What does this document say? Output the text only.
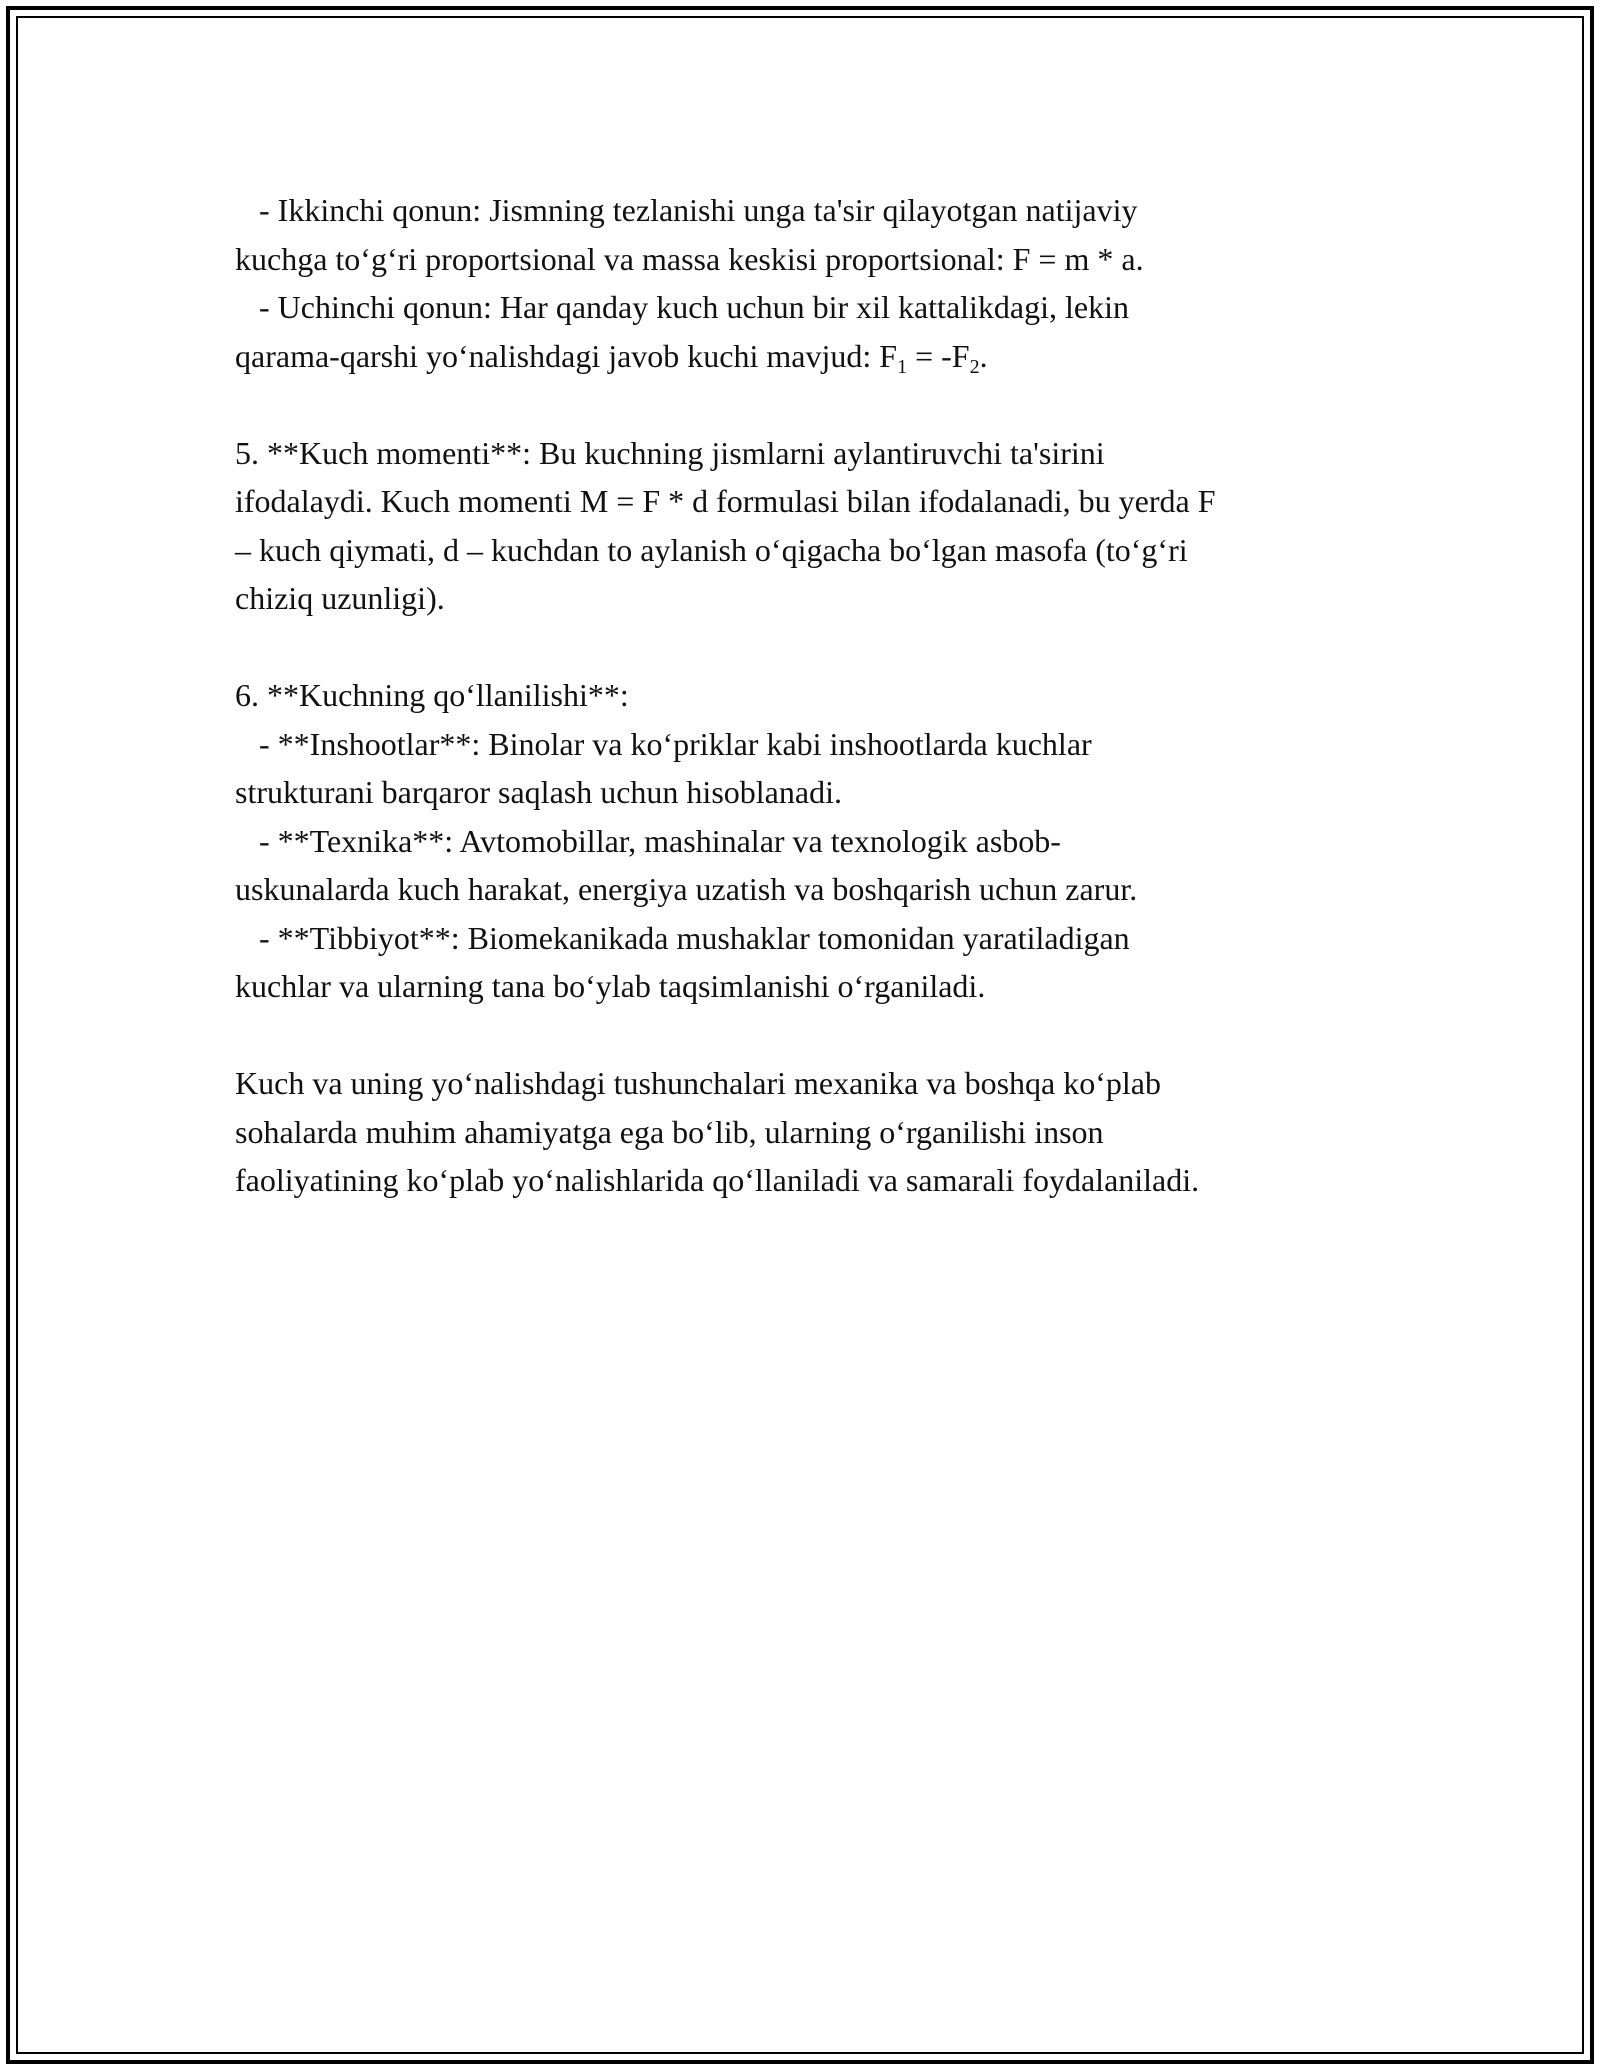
- Ikkinchi qonun: Jismning tezlanishi unga ta'sir qilayotgan natijaviy
kuchga to‘g‘ri proportsional va massa keskisi proportsional: F = m * a.
- Uchinchi qonun: Har qanday kuch uchun bir xil kattalikdagi, lekin
qarama-qarshi yo‘nalishdagi javob kuchi mavjud: $F_1 = -F_2$.

5. **Kuch momenti**: Bu kuchning jismlarni aylantiruvchi ta'sirini
ifodalaydi. Kuch momenti M = F * d formulasi bilan ifodalanadi, bu yerda F
– kuch qiymati, d – kuchdan to aylanish o‘qigacha bo‘lgan masofa (to‘g‘ri
chiziq uzunligi).

6. **Kuchning qo‘llanilishi**:
- **Inshootlar**: Binolar va ko‘priklar kabi inshootlarda kuchlar
strukturani barqaror saqlash uchun hisoblanadi.
- **Texnika**: Avtomobillar, mashinalar va texnologik asbob-
uskunalarda kuch harakat, energiya uzatish va boshqarish uchun zarur.
- **Tibbiyot**: Biomekanikada mushaklar tomonidan yaratiladigan
kuchlar va ularning tana bo‘ylab taqsimlanishi o‘rganiladi.

Kuch va uning yo‘nalishdagi tushunchalari mexanika va boshqa ko‘plab
sohalarda muhim ahamiyatga ega bo‘lib, ularning o‘rganilishi inson
faoliyatining ko‘plab yo‘nalishlarida qo‘llaniladi va samarali foydalaniladi.
